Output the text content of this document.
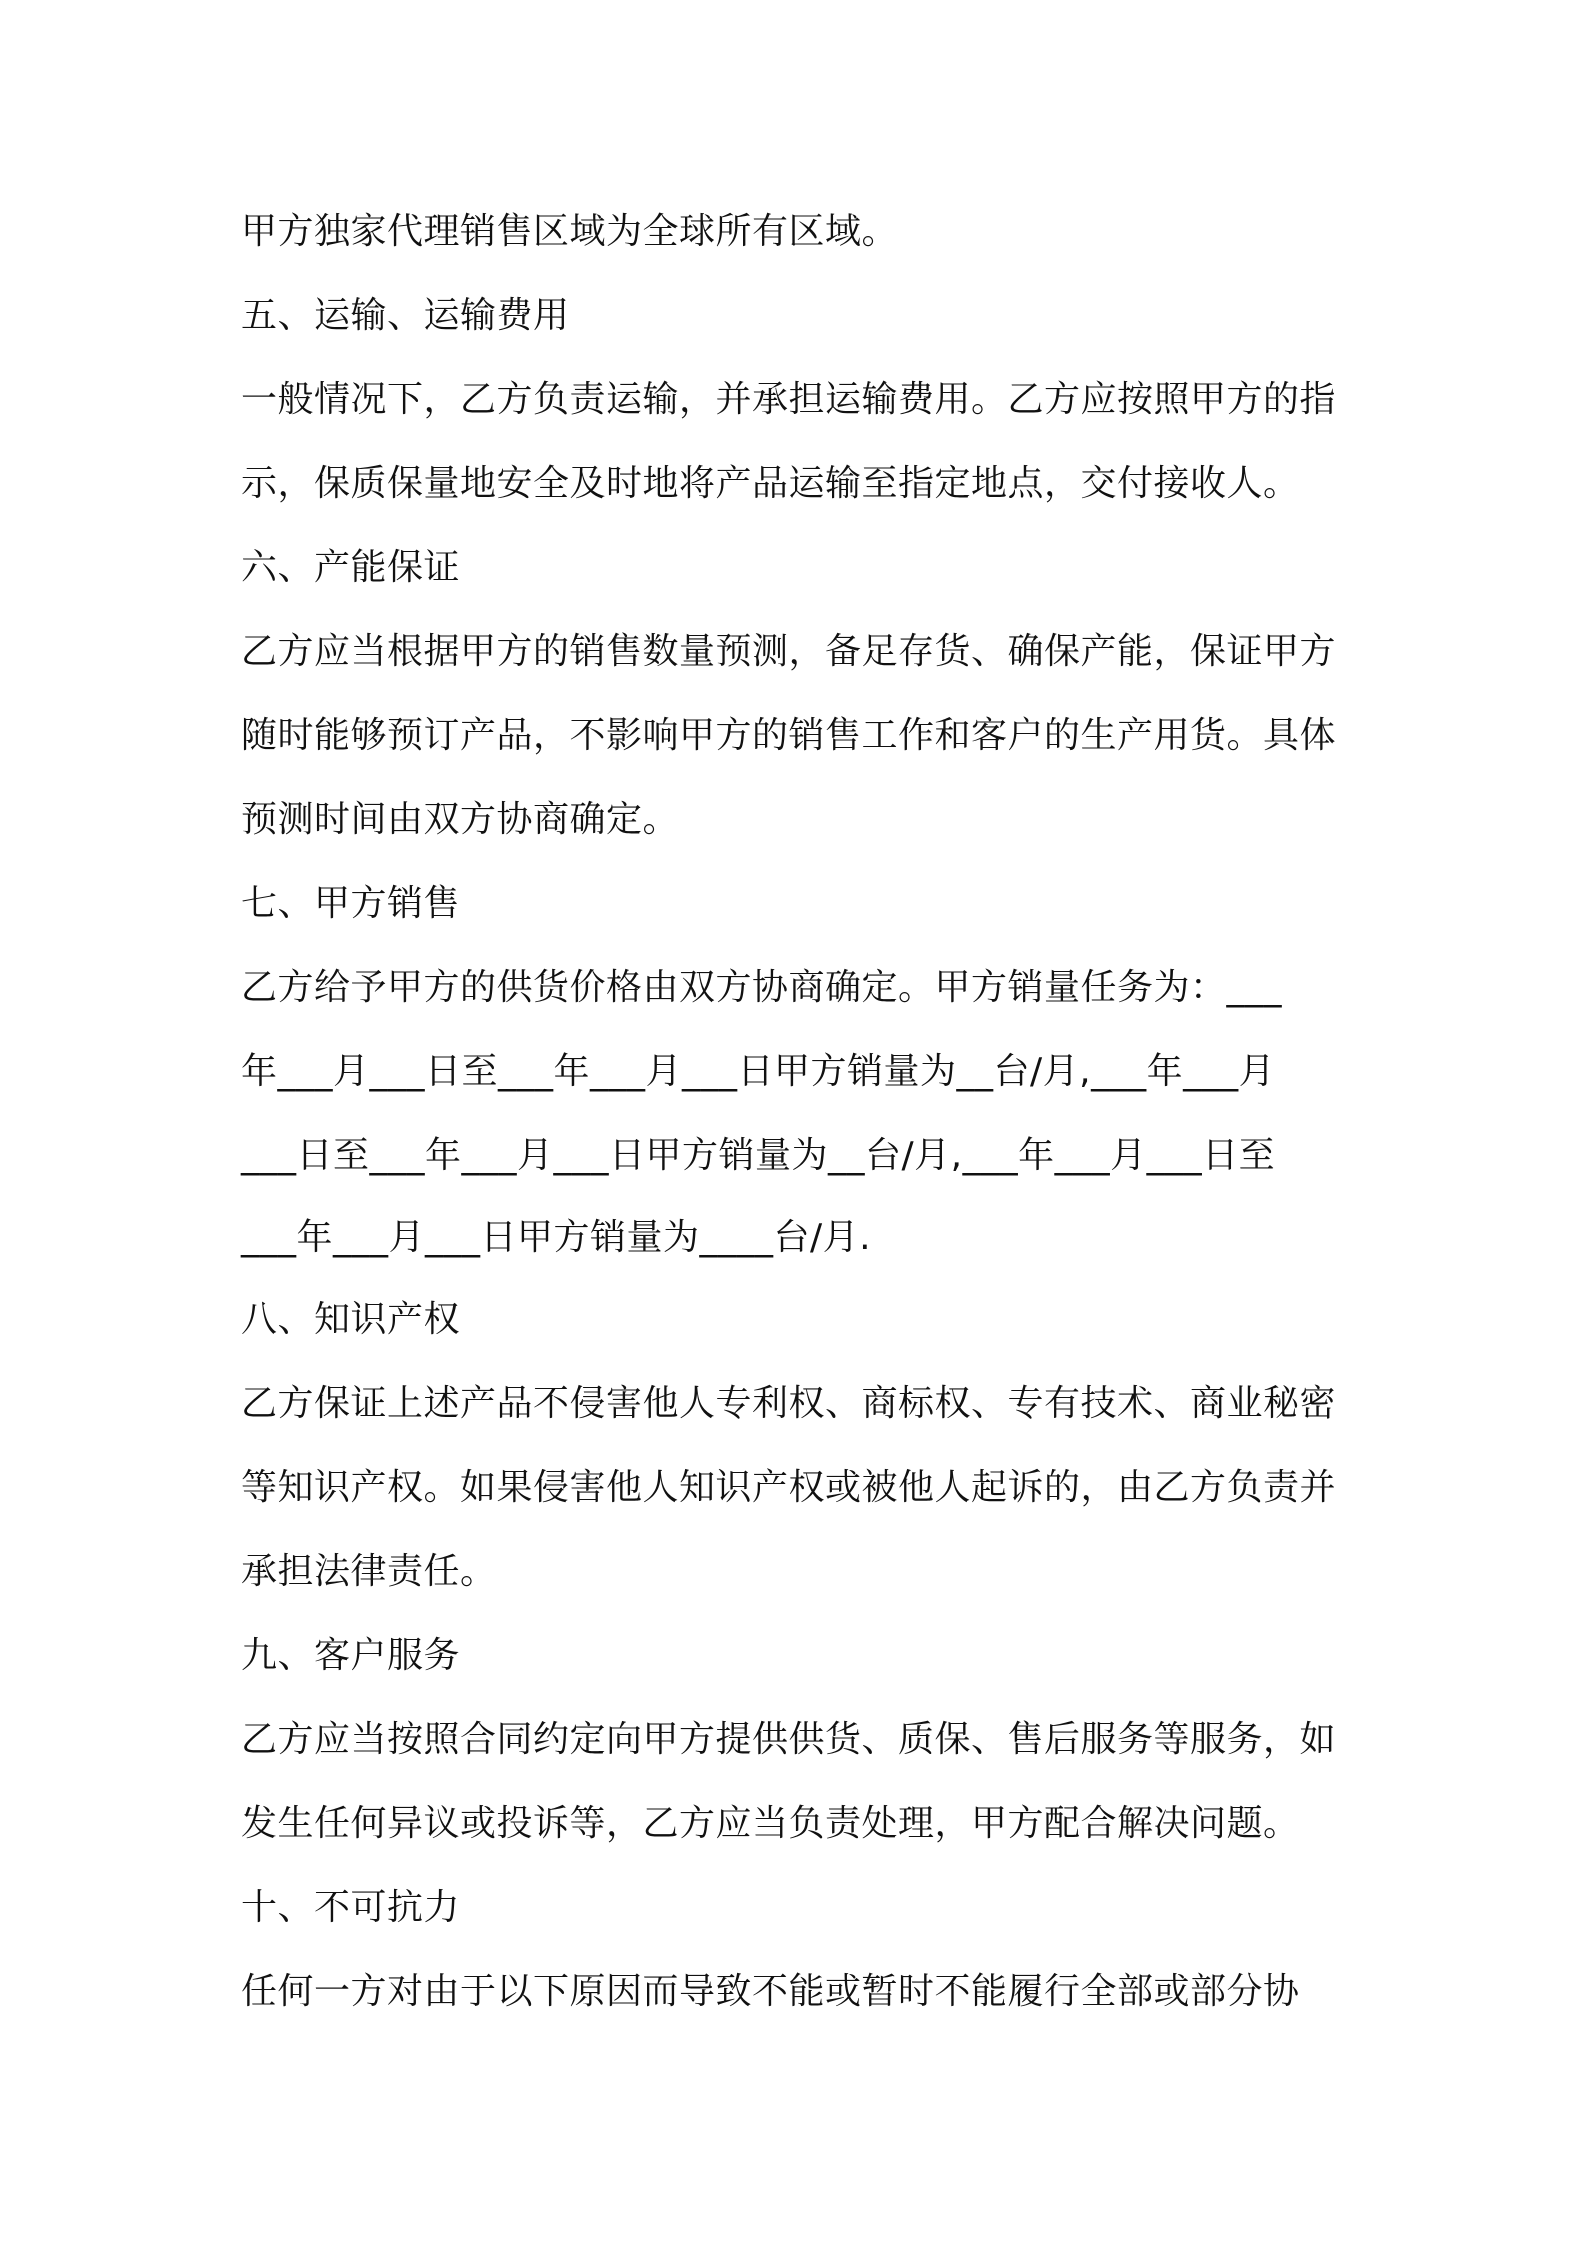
甲方独家代理销售区域为全球所有区域。
五、运输、运输费用
一般情况下，乙方负责运输，并承担运输费用。乙方应按照甲方的指
示，保质保量地安全及时地将产品运输至指定地点，交付接收人。
六、产能保证
乙方应当根据甲方的销售数量预测，备足存货、确保产能，保证甲方
随时能够预订产品，不影响甲方的销售工作和客户的生产用货。具体
预测时间由双方协商确定。
七、甲方销售
乙方给予甲方的供货价格由双方协商确定。甲方销量任务为：___
年___月___日至___年___月___日甲方销量为__台/月,___年___月
___日至___年___月___日甲方销量为__台/月,___年___月___日至
___年___月___日甲方销量为____台/月.
八、知识产权
乙方保证上述产品不侵害他人专利权、商标权、专有技术、商业秘密
等知识产权。如果侵害他人知识产权或被他人起诉的，由乙方负责并
承担法律责任。
九、客户服务
乙方应当按照合同约定向甲方提供供货、质保、售后服务等服务，如
发生任何异议或投诉等，乙方应当负责处理，甲方配合解决问题。
十、不可抗力
任何一方对由于以下原因而导致不能或暂时不能履行全部或部分协
